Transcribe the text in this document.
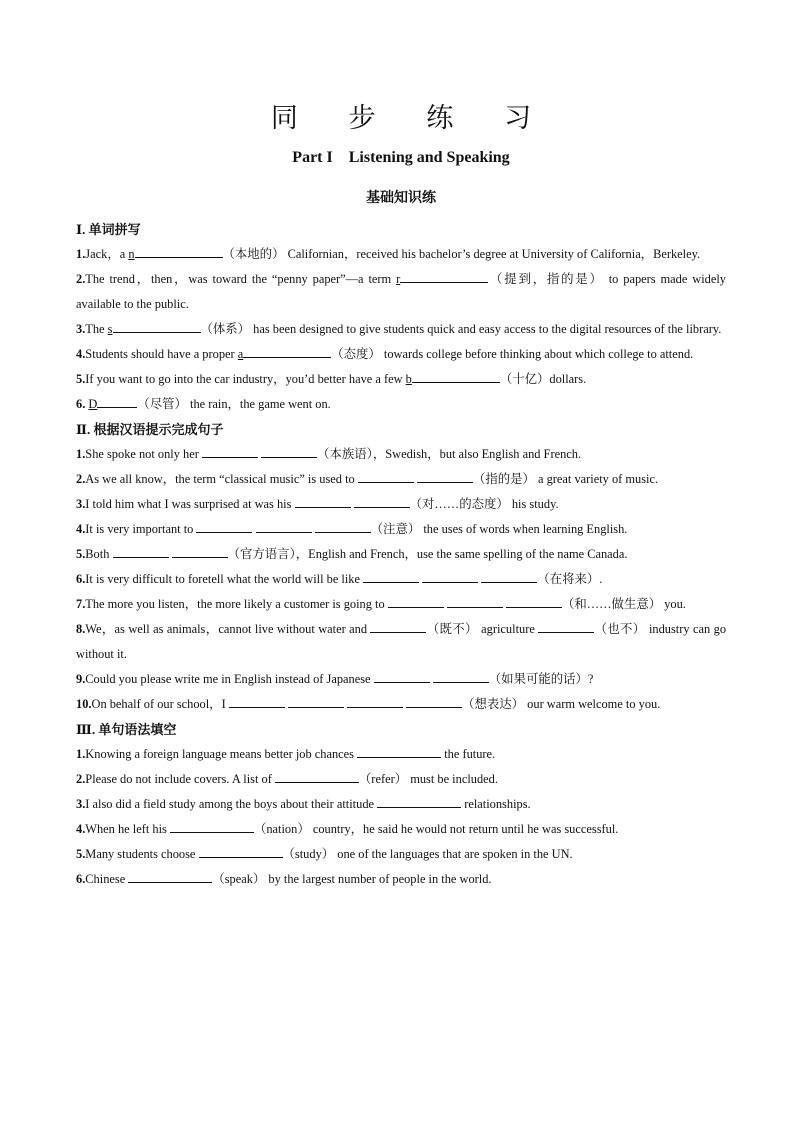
同 步 练 习
Part I    Listening and Speaking
基础知识练
Ⅰ. 单词拼写

1.Jack，a n	（本地的） Californian，received his bachelor’s degree at University of California，Berkeley.

2.The trend，then，was toward the “penny paper”—a term r	（提到，指的是） to papers made widely available to the public.

3.The s	（体系） has been designed to give students quick and easy access to the digital resources of the library.

4.Students should have a proper a	（态度） towards college before thinking about which college to attend.

5.If you want to go into the car industry，you’d better have a few b	（十亿）dollars.

6. D	（尽管） the rain，the game went on.

Ⅱ. 根据汉语提示完成句子

1.She spoke not only her	（本族语），Swedish，but also English and French.

2.As we all know，the term “classical music” is used to	（指的是） a great variety of music.

3.I told him what I was surprised at was his	（对……的态度） his study.

4.It is very important to	（注意） the uses of words when learning English.

5.Both	（官方语言），English and French，use the same spelling of the name Canada.

6.It is very difficult to foretell what the world will be like	（在将来）.

7.The more you listen，the more likely a customer is going to	（和……做生意） you.

8.We，as well as animals，cannot live without water and	（既不） agriculture	（也不） industry can go without it.

9.Could you please write me in English instead of Japanese	（如果可能的话）?

10.On behalf of our school，I	（想表达） our warm welcome to you.

Ⅲ. 单句语法填空

1.Knowing a foreign language means better job chances	the future.

2.Please do not include covers. A list of	（refer） must be included.

3.I also did a field study among the boys about their attitude	relationships.

4.When he left his	（nation） country，he said he would not return until he was successful.

5.Many students choose	（study） one of the languages that are spoken in the UN.

6.Chinese	（speak） by the largest number of people in the world.
